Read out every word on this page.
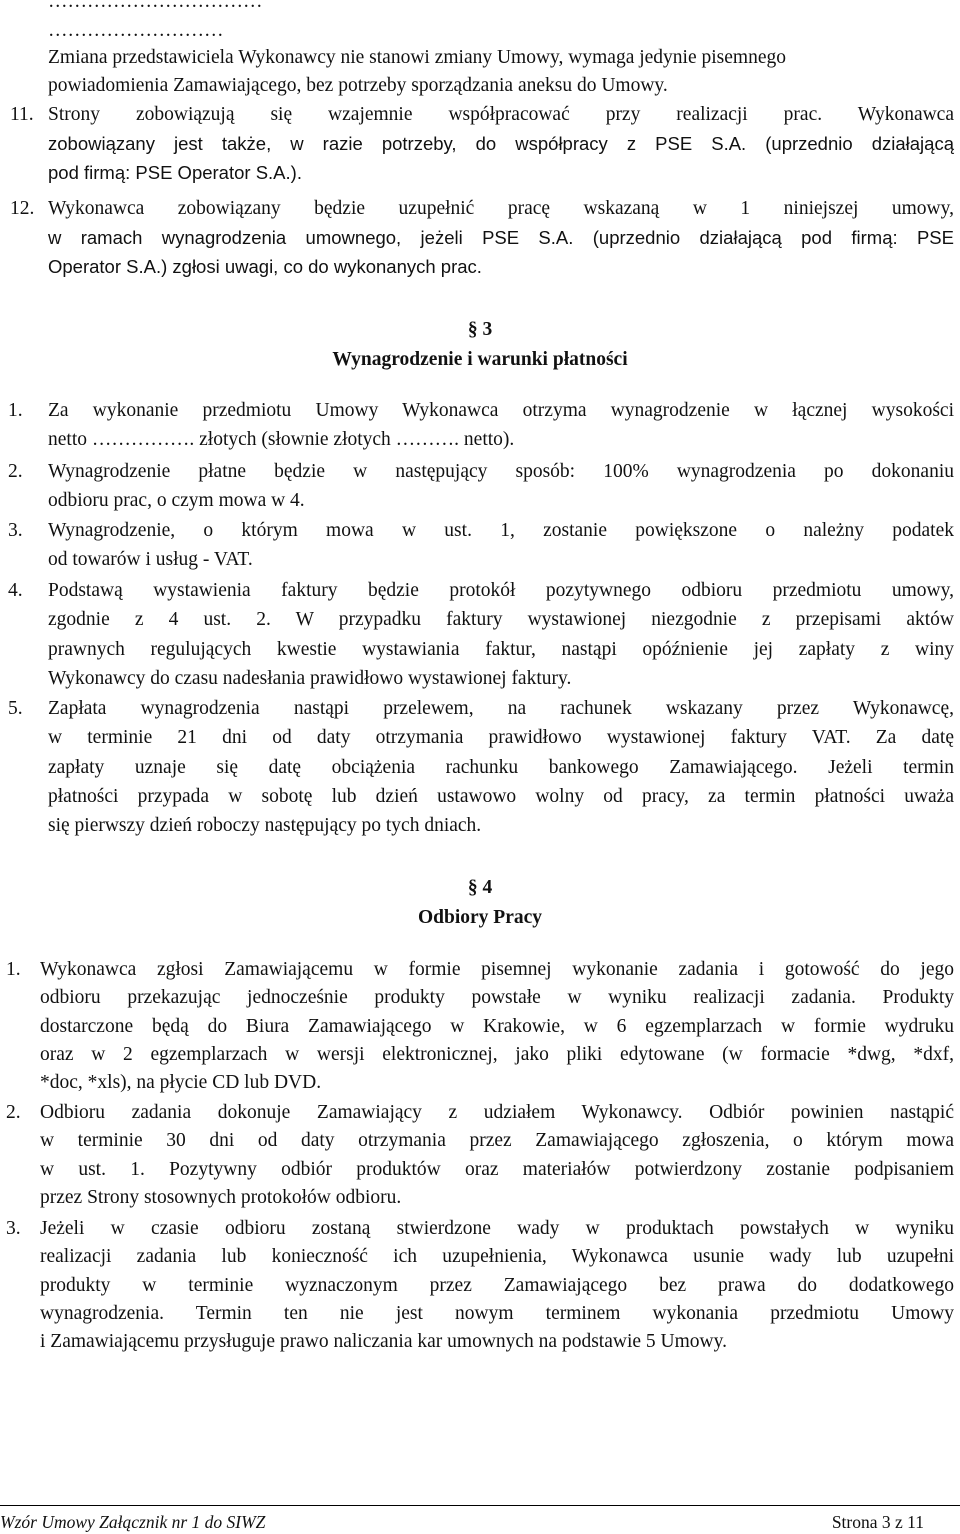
……………………………
………………………
Zmiana przedstawiciela Wykonawcy nie stanowi zmiany Umowy, wymaga jedynie pisemnego
powiadomienia Zamawiającego, bez potrzeby sporządzania aneksu do Umowy.
11. Strony zobowiązują się wzajemnie współpracować przy realizacji prac. Wykonawca
zobowiązany jest także, w razie potrzeby, do współpracy z PSE S.A. (uprzednio działającą
pod firmą: PSE Operator S.A.).
12. Wykonawca zobowiązany będzie uzupełnić pracę wskazaną w 1 niniejszej umowy,
w ramach wynagrodzenia umownego, jeżeli PSE S.A. (uprzednio działającą pod firmą: PSE
Operator S.A.) zgłosi uwagi, co do wykonanych prac.
§ 3
Wynagrodzenie i warunki płatności
1. Za wykonanie przedmiotu Umowy Wykonawca otrzyma wynagrodzenie w łącznej wysokości
netto ……………. złotych (słownie złotych ………. netto).
2. Wynagrodzenie płatne będzie w następujący sposób: 100% wynagrodzenia po dokonaniu
odbioru prac, o czym mowa w 4.
3. Wynagrodzenie, o którym mowa w ust. 1, zostanie powiększone o należny podatek
od towarów i usług - VAT.
4. Podstawą wystawienia faktury będzie protokół pozytywnego odbioru przedmiotu umowy,
zgodnie z 4 ust. 2. W przypadku faktury wystawionej niezgodnie z przepisami aktów
prawnych regulujących kwestie wystawiania faktur, nastąpi opóźnienie jej zapłaty z winy
Wykonawcy do czasu nadesłania prawidłowo wystawionej faktury.
5. Zapłata wynagrodzenia nastąpi przelewem, na rachunek wskazany przez Wykonawcę,
w terminie 21 dni od daty otrzymania prawidłowo wystawionej faktury VAT. Za datę
zapłaty uznaje się datę obciążenia rachunku bankowego Zamawiającego. Jeżeli termin
płatności przypada w sobotę lub dzień ustawowo wolny od pracy, za termin płatności uważa
się pierwszy dzień roboczy następujący po tych dniach.
§ 4
Odbiory Pracy
1. Wykonawca zgłosi Zamawiającemu w formie pisemnej wykonanie zadania i gotowość do jego
odbioru przekazując jednocześnie produkty powstałe w wyniku realizacji zadania. Produkty
dostarczone będą do Biura Zamawiającego w Krakowie, w 6 egzemplarzach w formie wydruku
oraz w 2 egzemplarzach w wersji elektronicznej, jako pliki edytowane (w formacie *dwg, *dxf,
*doc, *xls), na płycie CD lub DVD.
2. Odbioru zadania dokonuje Zamawiający z udziałem Wykonawcy. Odbiór powinien nastąpić
w terminie 30 dni od daty otrzymania przez Zamawiającego zgłoszenia, o którym mowa
w ust. 1. Pozytywny odbiór produktów oraz materiałów potwierdzony zostanie podpisaniem
przez Strony stosownych protokołów odbioru.
3. Jeżeli w czasie odbioru zostaną stwierdzone wady w produktach powstałych w wyniku
realizacji zadania lub konieczność ich uzupełnienia, Wykonawca usunie wady lub uzupełni
produkty w terminie wyznaczonym przez Zamawiającego bez prawa do dodatkowego
wynagrodzenia. Termin ten nie jest nowym terminem wykonania przedmiotu Umowy
i Zamawiającemu przysługuje prawo naliczania kar umownych na podstawie 5 Umowy.
Wzór Umowy Załącznik nr 1 do SIWZ	Strona 3 z 11
